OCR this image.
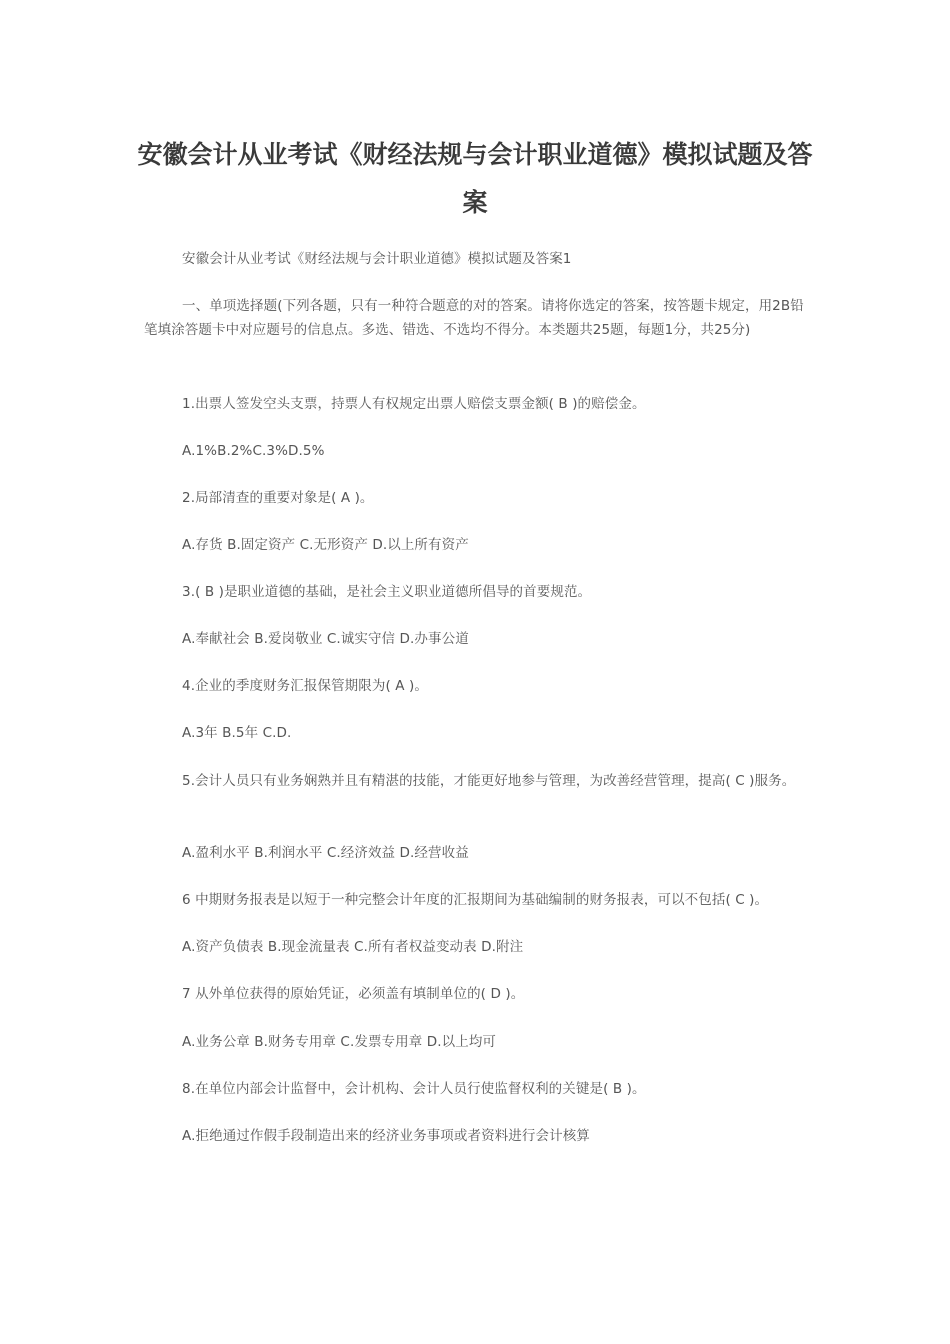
安徽会计从业考试《财经法规与会计职业道德》模拟试题及答案

安徽会计从业考试《财经法规与会计职业道德》模拟试题及答案1

一、单项选择题(下列各题，只有一种符合题意的对的答案。请将你选定的答案，按答题卡规定，用2B铅笔填涂答题卡中对应题号的信息点。多选、错选、不选均不得分。本类题共25题，每题1分，共25分)

1.出票人签发空头支票，持票人有权规定出票人赔偿支票金额( B )的赔偿金。

A.1%B.2%C.3%D.5%

2.局部清查的重要对象是( A )。

A.存货 B.固定资产 C.无形资产 D.以上所有资产

3.( B )是职业道德的基础，是社会主义职业道德所倡导的首要规范。

A.奉献社会 B.爱岗敬业 C.诚实守信 D.办事公道

4.企业的季度财务汇报保管期限为( A )。

A.3年 B.5年 C.D.

5.会计人员只有业务娴熟并且有精湛的技能，才能更好地参与管理，为改善经营管理，提高( C )服务。

A.盈利水平 B.利润水平 C.经济效益 D.经营收益

6 中期财务报表是以短于一种完整会计年度的汇报期间为基础编制的财务报表，可以不包括( C )。

A.资产负债表 B.现金流量表 C.所有者权益变动表 D.附注

7 从外单位获得的原始凭证，必须盖有填制单位的( D )。

A.业务公章 B.财务专用章 C.发票专用章 D.以上均可

8.在单位内部会计监督中，会计机构、会计人员行使监督权利的关键是( B )。

A.拒绝通过作假手段制造出来的经济业务事项或者资料进行会计核算
